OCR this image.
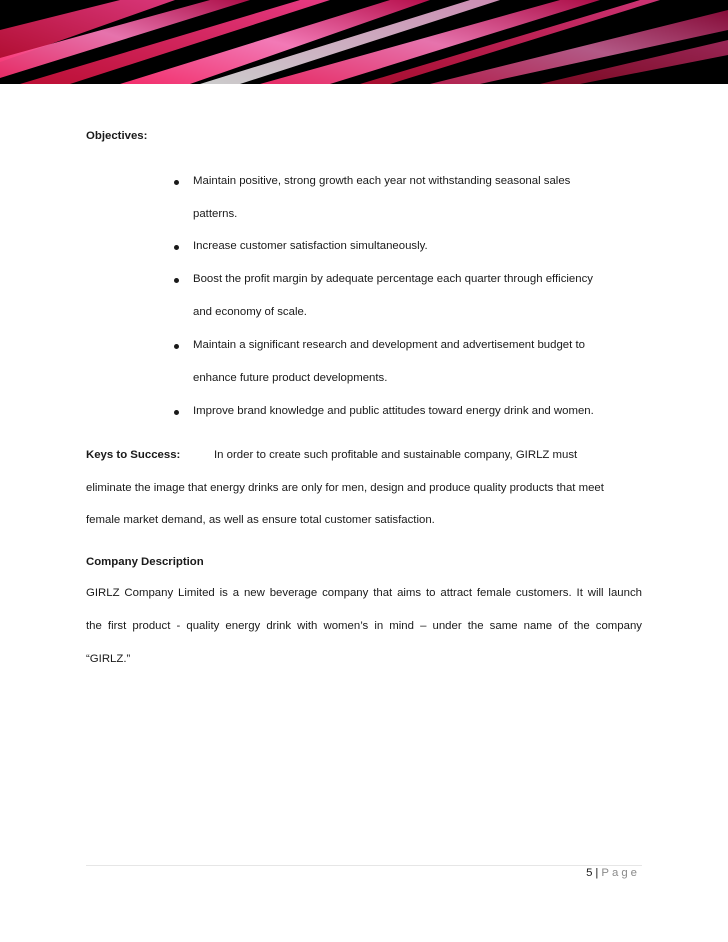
Objectives:
Maintain positive, strong growth each year not withstanding seasonal sales
patterns.
Increase customer satisfaction simultaneously.
Boost the profit margin by adequate percentage each quarter through efficiency
and economy of scale.
Maintain a significant research and development and advertisement budget to
enhance future product developments.
Improve brand knowledge and public attitudes toward energy drink and women.
Keys to Success:	In order to create such profitable and sustainable company, GIRLZ must
eliminate the image that energy drinks are only for men, design and produce quality products that meet
female market demand, as well as ensure total customer satisfaction.
Company Description
GIRLZ Company Limited is a new beverage company that aims to attract female customers. It will launch
the first product - quality energy drink with women’s in mind – under the same name of the company
“GIRLZ.”
5 | Page
